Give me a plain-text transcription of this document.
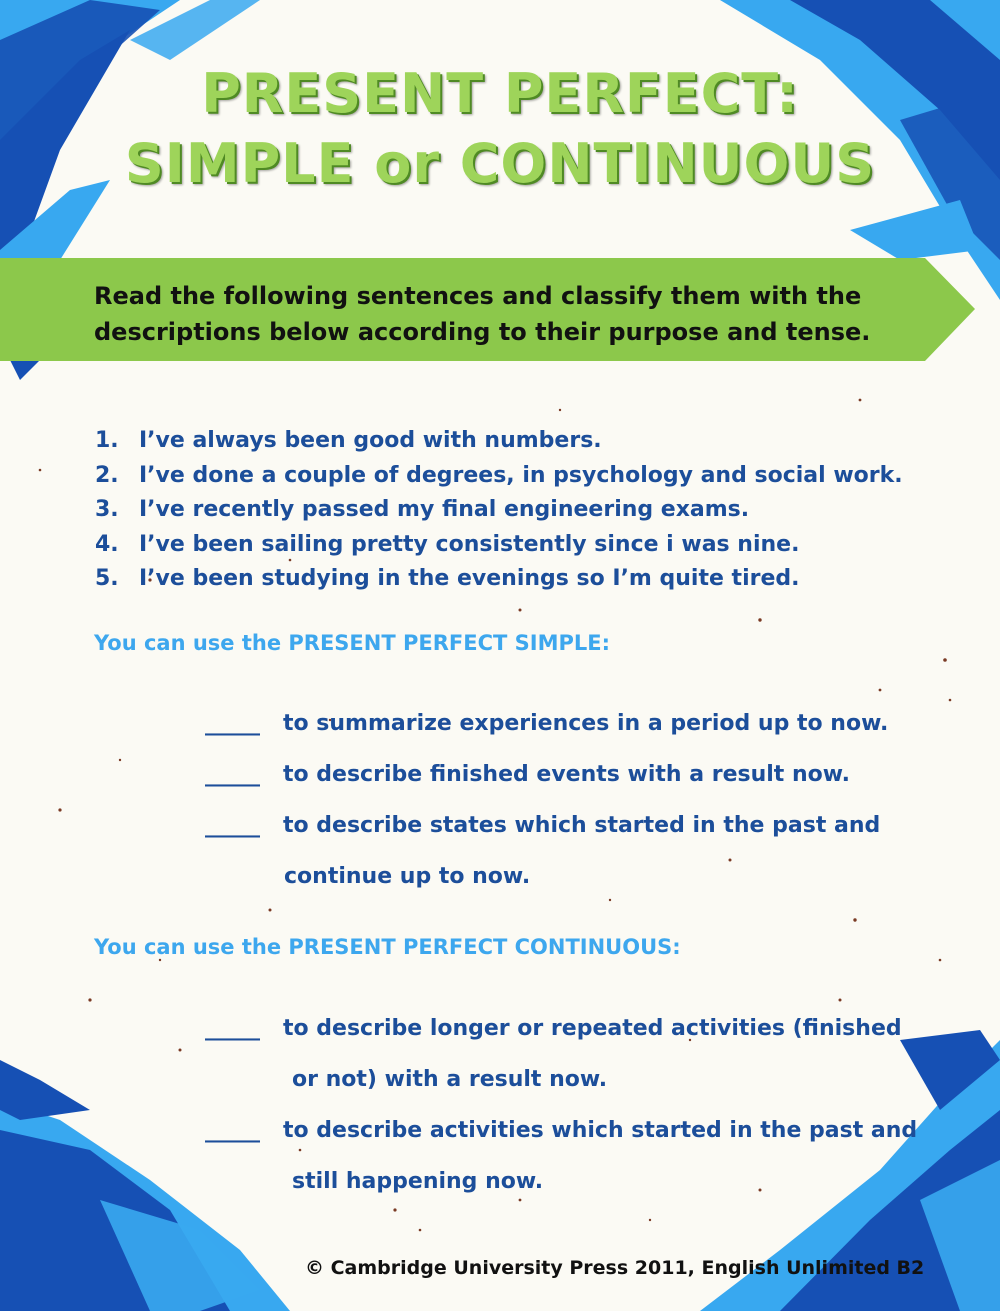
PRESENT PERFECT:
SIMPLE or CONTINUOUS
Read the following sentences and classify them with the descriptions below according to their purpose and tense.
1. I’ve always been good with numbers.
2. I’ve done a couple of degrees, in psychology and social work.
3. I’ve recently passed my final engineering exams.
4. I’ve been sailing pretty consistently since i was nine.
5. I’ve been studying in the evenings so I’m quite tired.
You can use the PRESENT PERFECT SIMPLE:
_____ to summarize experiences in a period up to now.
_____ to describe finished events with a result now.
_____ to describe states which started in the past and
continue up to now.
You can use the PRESENT PERFECT CONTINUOUS:
_____ to describe longer or repeated activities (finished
or not) with a result now.
_____ to describe activities which started in the past and
still happening now.
© Cambridge University Press 2011, English Unlimited B2
